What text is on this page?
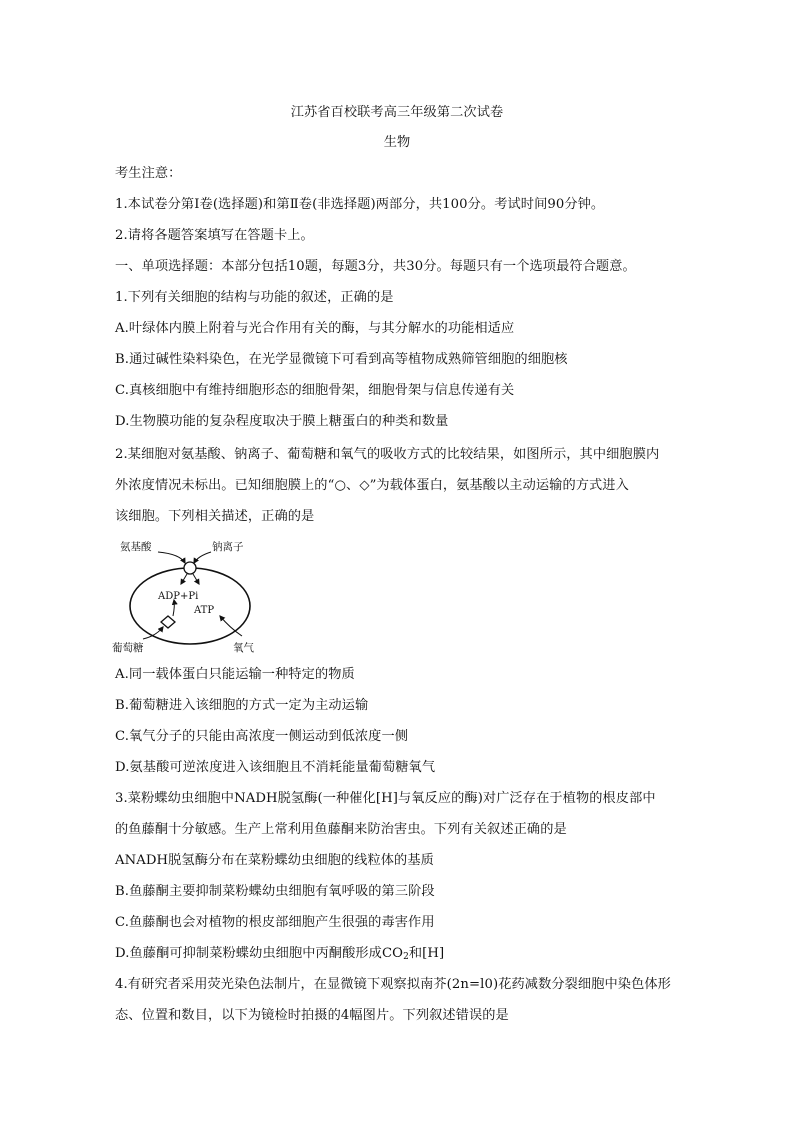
江苏省百校联考高三年级第二次试卷
生物
考生注意：
1.本试卷分第Ⅰ卷(选择题)和第Ⅱ卷(非选择题)两部分，共100分。考试时间90分钟。
2.请将各题答案填写在答题卡上。
一、单项选择题：本部分包括10题，每题3分，共30分。每题只有一个选项最符合题意。
1.下列有关细胞的结构与功能的叙述，正确的是
A.叶绿体内膜上附着与光合作用有关的酶，与其分解水的功能相适应
B.通过碱性染料染色，在光学显微镜下可看到高等植物成熟筛管细胞的细胞核
C.真核细胞中有维持细胞形态的细胞骨架，细胞骨架与信息传递有关
D.生物膜功能的复杂程度取决于膜上糖蛋白的种类和数量
2.某细胞对氨基酸、钠离子、葡萄糖和氧气的吸收方式的比较结果，如图所示，其中细胞膜内
外浓度情况未标出。已知细胞膜上的“○、◇”为载体蛋白，氨基酸以主动运输的方式进入
该细胞。下列相关描述，正确的是
氨基酸	钠离子
ADP+Pi
ATP
葡萄糖	氧气
A.同一载体蛋白只能运输一种特定的物质
B.葡萄糖进入该细胞的方式一定为主动运输
C.氧气分子的只能由高浓度一侧运动到低浓度一侧
D.氨基酸可逆浓度进入该细胞且不消耗能量葡萄糖氧气
3.菜粉蝶幼虫细胞中NADH脱氢酶(一种催化[H]与氧反应的酶)对广泛存在于植物的根皮部中
的鱼藤酮十分敏感。生产上常利用鱼藤酮来防治害虫。下列有关叙述正确的是
ANADH脱氢酶分布在菜粉蝶幼虫细胞的线粒体的基质
B.鱼藤酮主要抑制菜粉蝶幼虫细胞有氧呼吸的第三阶段
C.鱼藤酮也会对植物的根皮部细胞产生很强的毒害作用
D.鱼藤酮可抑制菜粉蝶幼虫细胞中丙酮酸形成$CO_2$和[H]
4.有研究者采用荧光染色法制片，在显微镜下观察拟南芥(2n=l0)花药减数分裂细胞中染色体形
态、位置和数目，以下为镜检时拍摄的4幅图片。下列叙述错误的是
